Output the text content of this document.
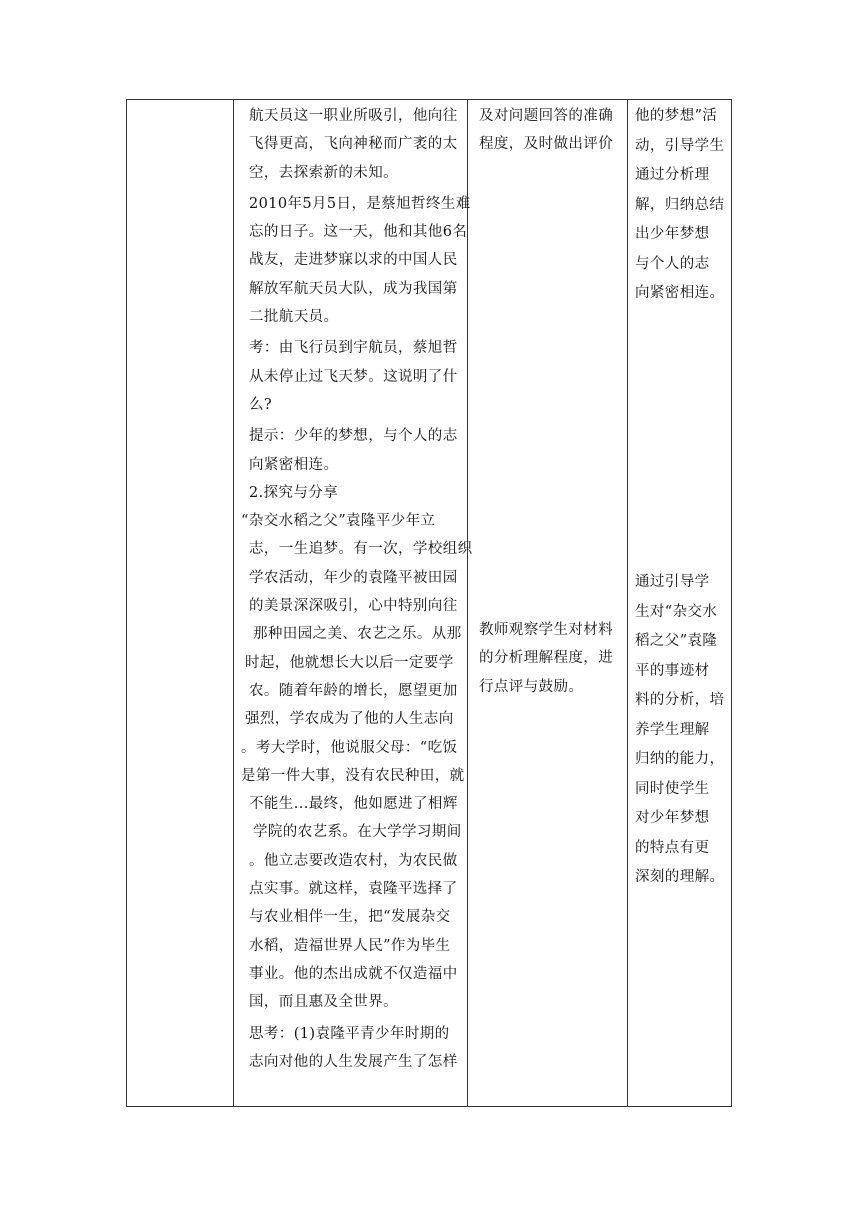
航天员这一职业所吸引，他向往

飞得更高，飞向神秘而广袤的太

空，去探索新的未知。

2010年5月5日，是蔡旭哲终生难

忘的日子。这一天，他和其他6名

战友，走进梦寐以求的中国人民

解放军航天员大队，成为我国第

二批航天员。

考：由飞行员到宇航员，蔡旭哲

从未停止过飞天梦。这说明了什

么?

提示：少年的梦想，与个人的志

向紧密相连。

2.探究与分享

“杂交水稻之父”袁隆平少年立

志，一生追梦。有一次，学校组织

学农活动，年少的袁隆平被田园

的美景深深吸引，心中特别向往

那种田园之美、农艺之乐。从那

时起，他就想长大以后一定要学

农。随着年龄的增长，愿望更加

强烈，学农成为了他的人生志向

。考大学时，他说服父母：“吃饭

是第一件大事，没有农民种田，就

不能生...最终，他如愿进了相辉

学院的农艺系。在大学学习期间

。他立志要改造农村，为农民做

点实事。就这样，袁隆平选择了

与农业相伴一生，把“发展杂交

水稻，造福世界人民”作为毕生

事业。他的杰出成就不仅造福中

国，而且惠及全世界。

思考：(1)袁隆平青少年时期的

志向对他的人生发展产生了怎样

及对问题回答的准确

程度，及时做出评价

教师观察学生对材料

的分析理解程度，进

行点评与鼓励。

他的梦想”活

动，引导学生

通过分析理

解，归纳总结

出少年梦想

与个人的志

向紧密相连。

通过引导学

生对“杂交水

稻之父”袁隆

平的事迹材

料的分析，培

养学生理解

归纳的能力，

同时使学生

对少年梦想

的特点有更

深刻的理解。
